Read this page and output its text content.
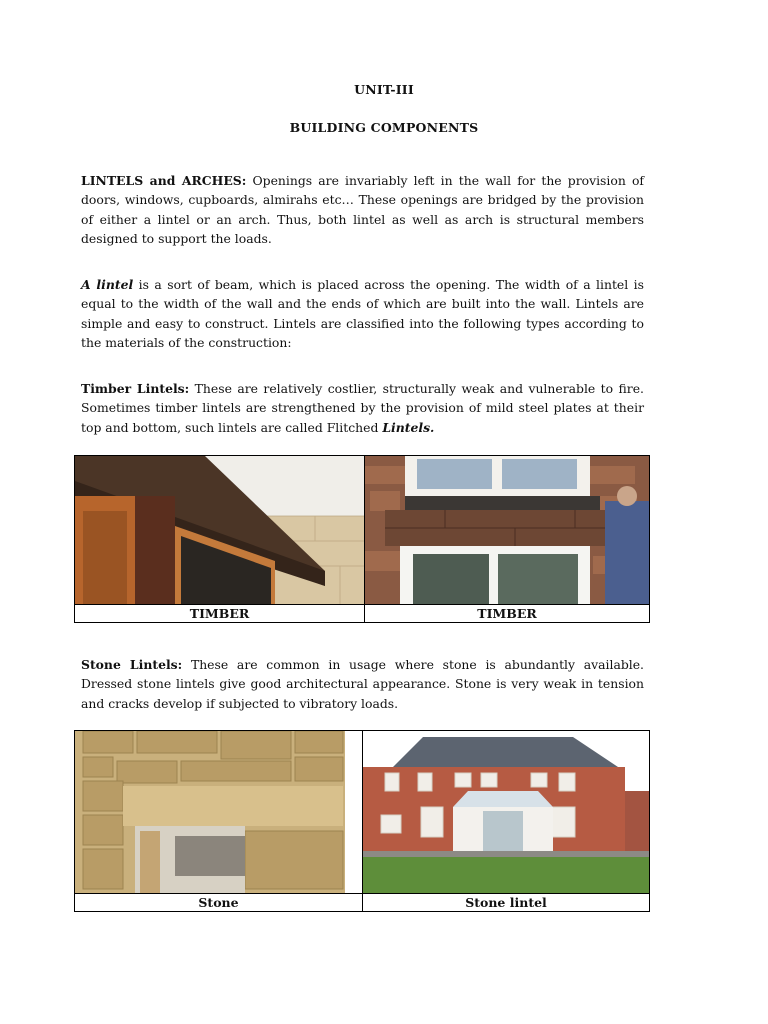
UNIT-III
BUILDING COMPONENTS
LINTELS and ARCHES: Openings are invariably left in the wall for the provision of doors, windows, cupboards, almirahs etc… These openings are bridged by the provision of either a lintel or an arch. Thus, both lintel as well as arch is structural members designed to support the loads.
A lintel is a sort of beam, which is placed across the opening. The width of a lintel is equal to the width of the wall and the ends of which are built into the wall. Lintels are simple and easy to construct. Lintels are classified into the following types according to the materials of the construction:
Timber Lintels: These are relatively costlier, structurally weak and vulnerable to fire. Sometimes timber lintels are strengthened by the provision of mild steel plates at their top and bottom, such lintels are called Flitched Lintels.

TIMBER	TIMBER
Stone Lintels: These are common in usage where stone is abundantly available. Dressed stone lintels give good architectural appearance. Stone is very weak in tension and cracks develop if subjected to vibratory loads.

Stone	Stone lintel
